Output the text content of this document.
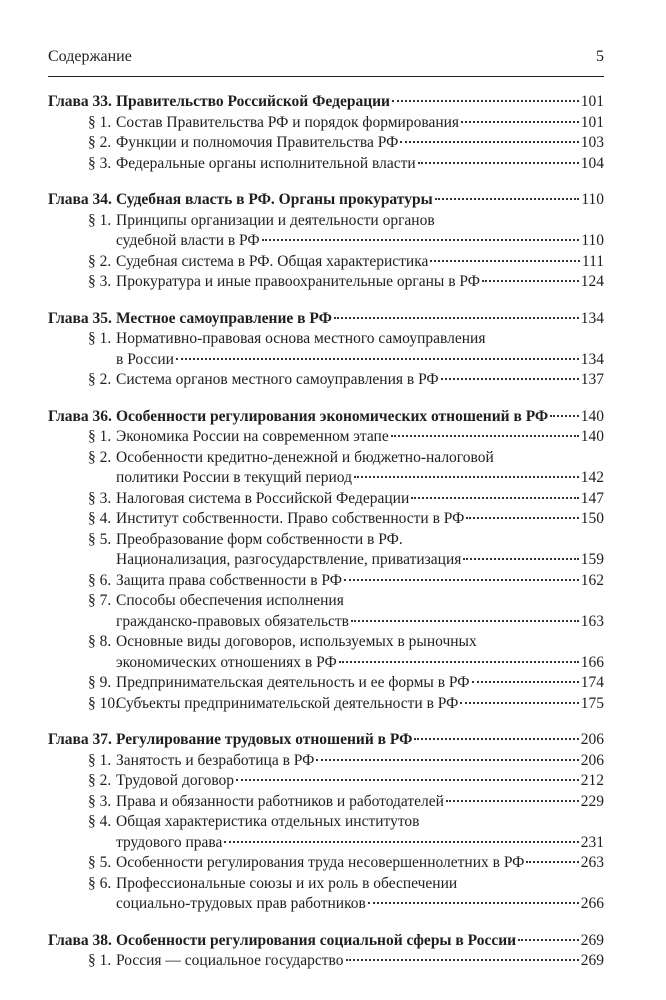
Содержание	5
Глава 33. Правительство Российской Федерации	101
§ 1. Состав Правительства РФ и порядок формирования	101
§ 2. Функции и полномочия Правительства РФ	103
§ 3. Федеральные органы исполнительной власти	104
Глава 34. Судебная власть в РФ. Органы прокуратуры	110
§ 1. Принципы организации и деятельности органов
судебной власти в РФ	110
§ 2. Судебная система в РФ. Общая характеристика	111
§ 3. Прокуратура и иные правоохранительные органы в РФ	124
Глава 35. Местное самоуправление в РФ	134
§ 1. Нормативно-правовая основа местного самоуправления
в России	134
§ 2. Система органов местного самоуправления в РФ	137
Глава 36. Особенности регулирования экономических отношений в РФ 140
§ 1. Экономика России на современном этапе	140
§ 2. Особенности кредитно-денежной и бюджетно-налоговой
политики России в текущий период	142
§ 3. Налоговая система в Российской Федерации	147
§ 4. Институт собственности. Право собственности в РФ	150
§ 5. Преобразование форм собственности в РФ.
Национализация, разгосударствление, приватизация	159
§ 6. Защита права собственности в РФ	162
§ 7. Способы обеспечения исполнения
гражданско-правовых обязательств	163
§ 8. Основные виды договоров, используемых в рыночных
экономических отношениях в РФ	166
§ 9. Предпринимательская деятельность и ее формы в РФ	174
§ 10.
Субъекты предпринимательской деятельности в РФ	175
Глава 37. Регулирование трудовых отношений в РФ	206
§ 1. Занятость и безработица в РФ	206
§ 2. Трудовой договор	212
§ 3. Права и обязанности работников и работодателей	229
§ 4. Общая характеристика отдельных институтов
трудового права	231
§ 5. Особенности регулирования труда несовершеннолетних в РФ	263
§ 6. Профессиональные союзы и их роль в обеспечении
социально-трудовых прав работников	266
Глава 38. Особенности регулирования социальной сферы в России	269
§ 1. Россия — социальное государство	269
